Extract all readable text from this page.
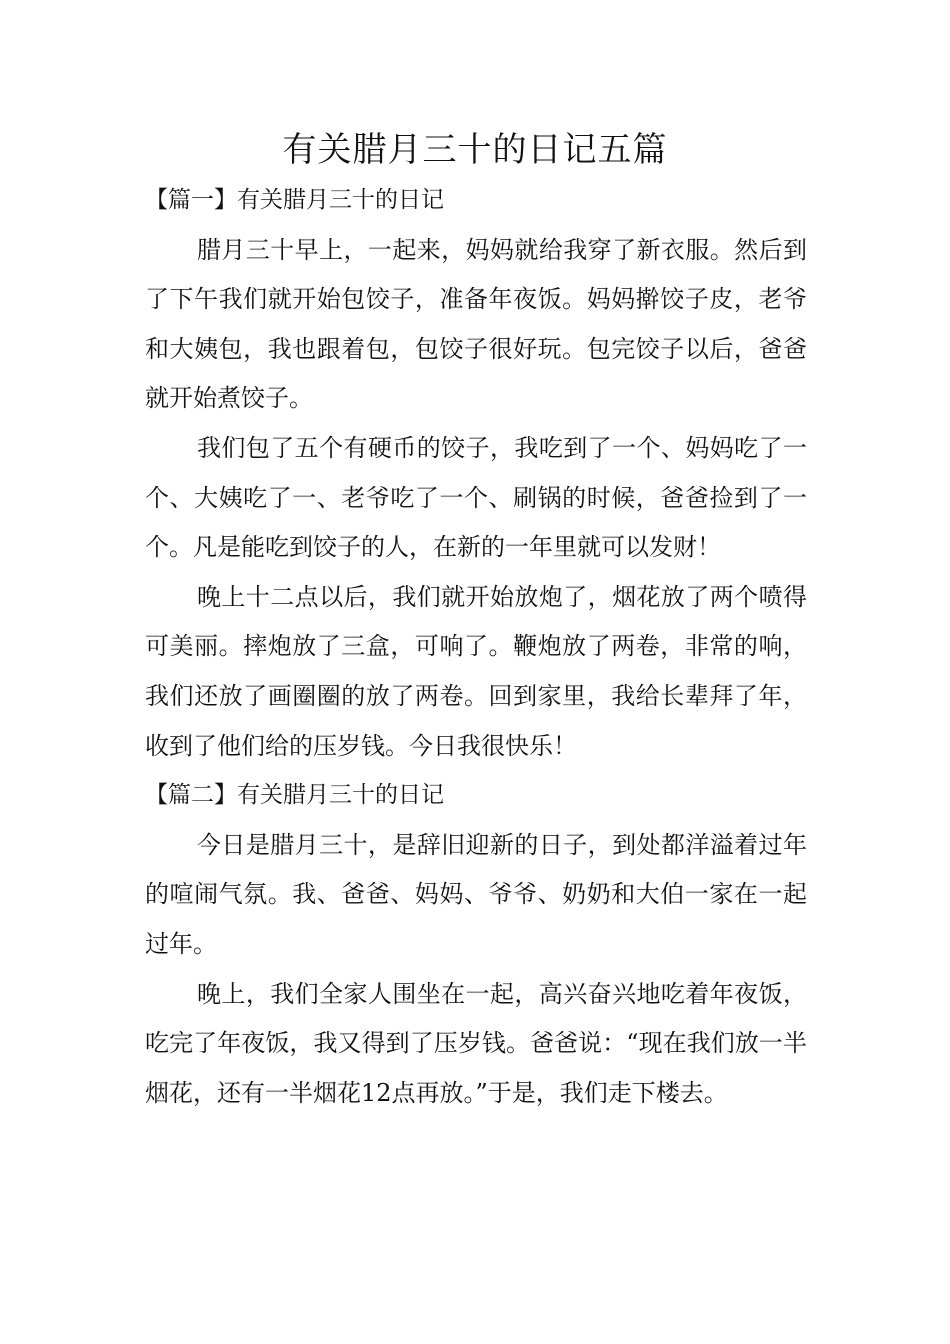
有关腊月三十的日记五篇
【篇一】有关腊月三十的日记

腊月三十早上，一起来，妈妈就给我穿了新衣服。然后到了下午我们就开始包饺子，准备年夜饭。妈妈擀饺子皮，老爷和大姨包，我也跟着包，包饺子很好玩。包完饺子以后，爸爸就开始煮饺子。

我们包了五个有硬币的饺子，我吃到了一个、妈妈吃了一个、大姨吃了一、老爷吃了一个、刷锅的时候，爸爸捡到了一个。凡是能吃到饺子的人，在新的一年里就可以发财！

晚上十二点以后，我们就开始放炮了，烟花放了两个喷得可美丽。摔炮放了三盒，可响了。鞭炮放了两卷，非常的响，我们还放了画圈圈的放了两卷。回到家里，我给长辈拜了年，收到了他们给的压岁钱。今日我很快乐！

【篇二】有关腊月三十的日记

今日是腊月三十，是辞旧迎新的日子，到处都洋溢着过年的喧闹气氛。我、爸爸、妈妈、爷爷、奶奶和大伯一家在一起过年。

晚上，我们全家人围坐在一起，高兴奋兴地吃着年夜饭，吃完了年夜饭，我又得到了压岁钱。爸爸说：“现在我们放一半烟花，还有一半烟花12点再放。”于是，我们走下楼去。
